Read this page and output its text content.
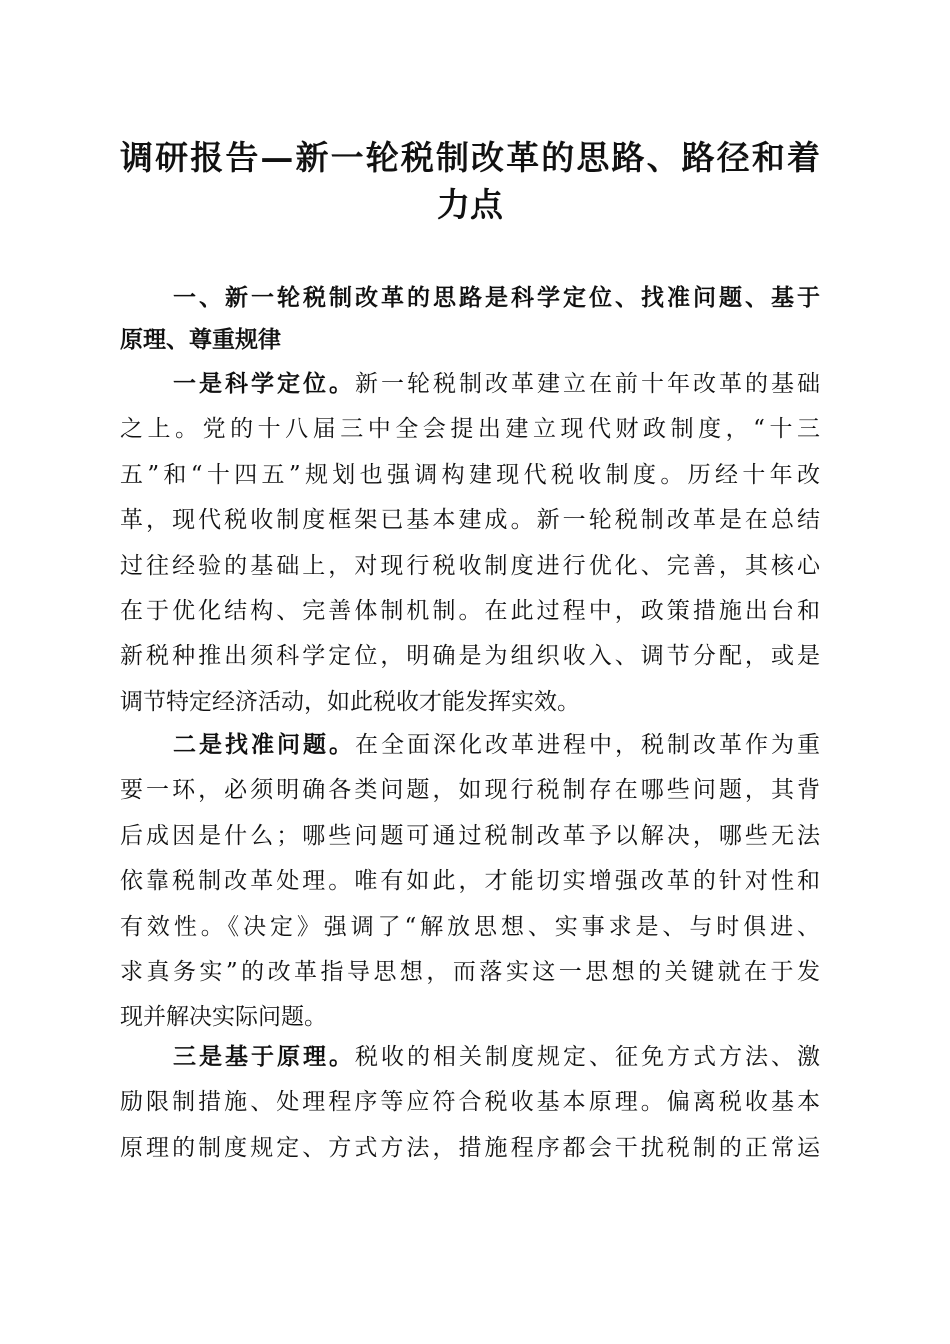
调研报告—新一轮税制改革的思路、路径和着
力点
一、新一轮税制改革的思路是科学定位、找准问题、基于
原理、尊重规律
一是科学定位。新一轮税制改革建立在前十年改革的基础
之上。党的十八届三中全会提出建立现代财政制度，“十三
五”和“十四五”规划也强调构建现代税收制度。历经十年改
革，现代税收制度框架已基本建成。新一轮税制改革是在总结
过往经验的基础上，对现行税收制度进行优化、完善，其核心
在于优化结构、完善体制机制。在此过程中，政策措施出台和
新税种推出须科学定位，明确是为组织收入、调节分配，或是
调节特定经济活动，如此税收才能发挥实效。
二是找准问题。在全面深化改革进程中，税制改革作为重
要一环，必须明确各类问题，如现行税制存在哪些问题，其背
后成因是什么；哪些问题可通过税制改革予以解决，哪些无法
依靠税制改革处理。唯有如此，才能切实增强改革的针对性和
有效性。《决定》强调了“解放思想、实事求是、与时俱进、
求真务实”的改革指导思想，而落实这一思想的关键就在于发
现并解决实际问题。
三是基于原理。税收的相关制度规定、征免方式方法、激
励限制措施、处理程序等应符合税收基本原理。偏离税收基本
原理的制度规定、方式方法，措施程序都会干扰税制的正常运
